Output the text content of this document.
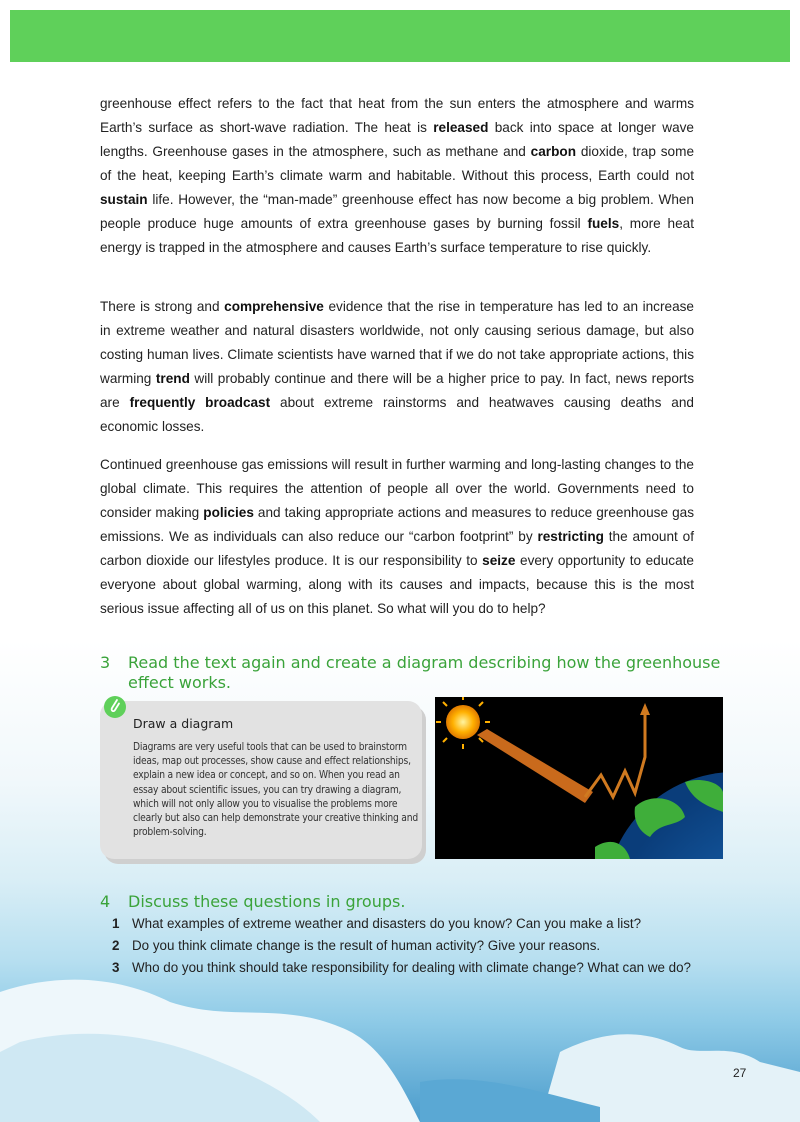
greenhouse effect refers to the fact that heat from the sun enters the atmosphere and warms Earth’s surface as short-wave radiation. The heat is released back into space at longer wave lengths. Greenhouse gases in the atmosphere, such as methane and carbon dioxide, trap some of the heat, keeping Earth’s climate warm and habitable. Without this process, Earth could not sustain life. However, the “man-made” greenhouse effect has now become a big problem. When people produce huge amounts of extra greenhouse gases by burning fossil fuels, more heat energy is trapped in the atmosphere and causes Earth’s surface temperature to rise quickly.
There is strong and comprehensive evidence that the rise in temperature has led to an increase in extreme weather and natural disasters worldwide, not only causing serious damage, but also costing human lives. Climate scientists have warned that if we do not take appropriate actions, this warming trend will probably continue and there will be a higher price to pay. In fact, news reports are frequently broadcast about extreme rainstorms and heatwaves causing deaths and economic losses.
Continued greenhouse gas emissions will result in further warming and long-lasting changes to the global climate. This requires the attention of people all over the world. Governments need to consider making policies and taking appropriate actions and measures to reduce greenhouse gas emissions. We as individuals can also reduce our “carbon footprint” by restricting the amount of carbon dioxide our lifestyles produce. It is our responsibility to seize every opportunity to educate everyone about global warming, along with its causes and impacts, because this is the most serious issue affecting all of us on this planet. So what will you do to help?
3 Read the text again and create a diagram describing how the greenhouse effect works.
Draw a diagram
Diagrams are very useful tools that can be used to brainstorm ideas, map out processes, show cause and effect relationships, explain a new idea or concept, and so on. When you read an essay about scientific issues, you can try drawing a diagram, which will not only allow you to visualise the problems more clearly but also can help demonstrate your creative thinking and problem-solving.
4 Discuss these questions in groups.
1 What examples of extreme weather and disasters do you know? Can you make a list?
2 Do you think climate change is the result of human activity? Give your reasons.
3 Who do you think should take responsibility for dealing with climate change? What can we do?
27
